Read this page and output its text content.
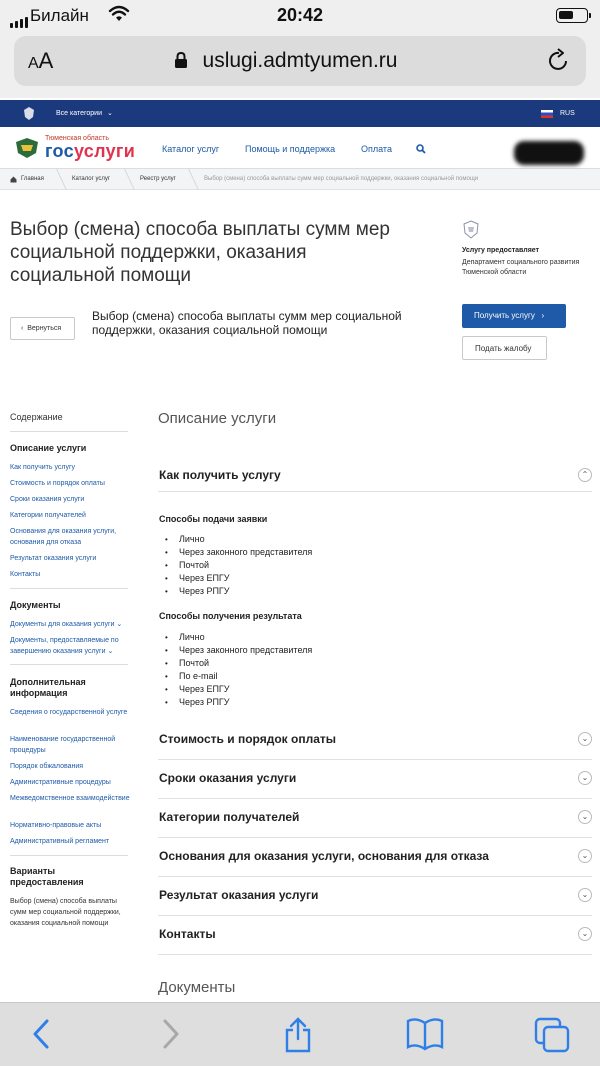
Билайн	20:42
AA	uslugi.admtyumen.ru
Все категории ⌄	RUS
Тюменская область
госуслуги	Каталог услуг	Помощь и поддержка	Оплата
Главная	Каталог услуг	Реестр услуг	Выбор (смена) способа выплаты сумм мер социальной поддержки, оказания социальной помощи
Выбор (смена) способа выплаты сумм мер социальной поддержки, оказания социальной помощи
Услугу предоставляет
Департамент социального развития Тюменской области
‹  Вернуться
Выбор (смена) способа выплаты сумм мер социальной поддержки, оказания социальной помощи
Получить услугу   ›
Подать жалобу
Содержание
Описание услуги
Как получить услугу
Стоимость и порядок оплаты
Сроки оказания услуги
Категории получателей
Основания для оказания услуги, основания для отказа
Результат оказания услуги
Контакты
Документы
Документы для оказания услуги ⌄
Документы, предоставляемые по завершению оказания услуги ⌄
Дополнительная информация
Сведения о государственной услуге
Наименование государственной процедуры
Порядок обжалования
Административные процедуры
Межведомственное взаимодействие
Нормативно-правовые акты
Административный регламент
Варианты предоставления
Выбор (смена) способа выплаты сумм мер социальной поддержки, оказания социальной помощи
Описание услуги
Как получить услугу	⌃
Способы подачи заявки
• Лично
• Через законного представителя
• Почтой
• Через ЕПГУ
• Через РПГУ
Способы получения результата
• Лично
• Через законного представителя
• Почтой
• По e-mail
• Через ЕПГУ
• Через РПГУ
Стоимость и порядок оплаты	⌄
Сроки оказания услуги	⌄
Категории получателей	⌄
Основания для оказания услуги, основания для отказа	⌄
Результат оказания услуги	⌄
Контакты	⌄
Документы
